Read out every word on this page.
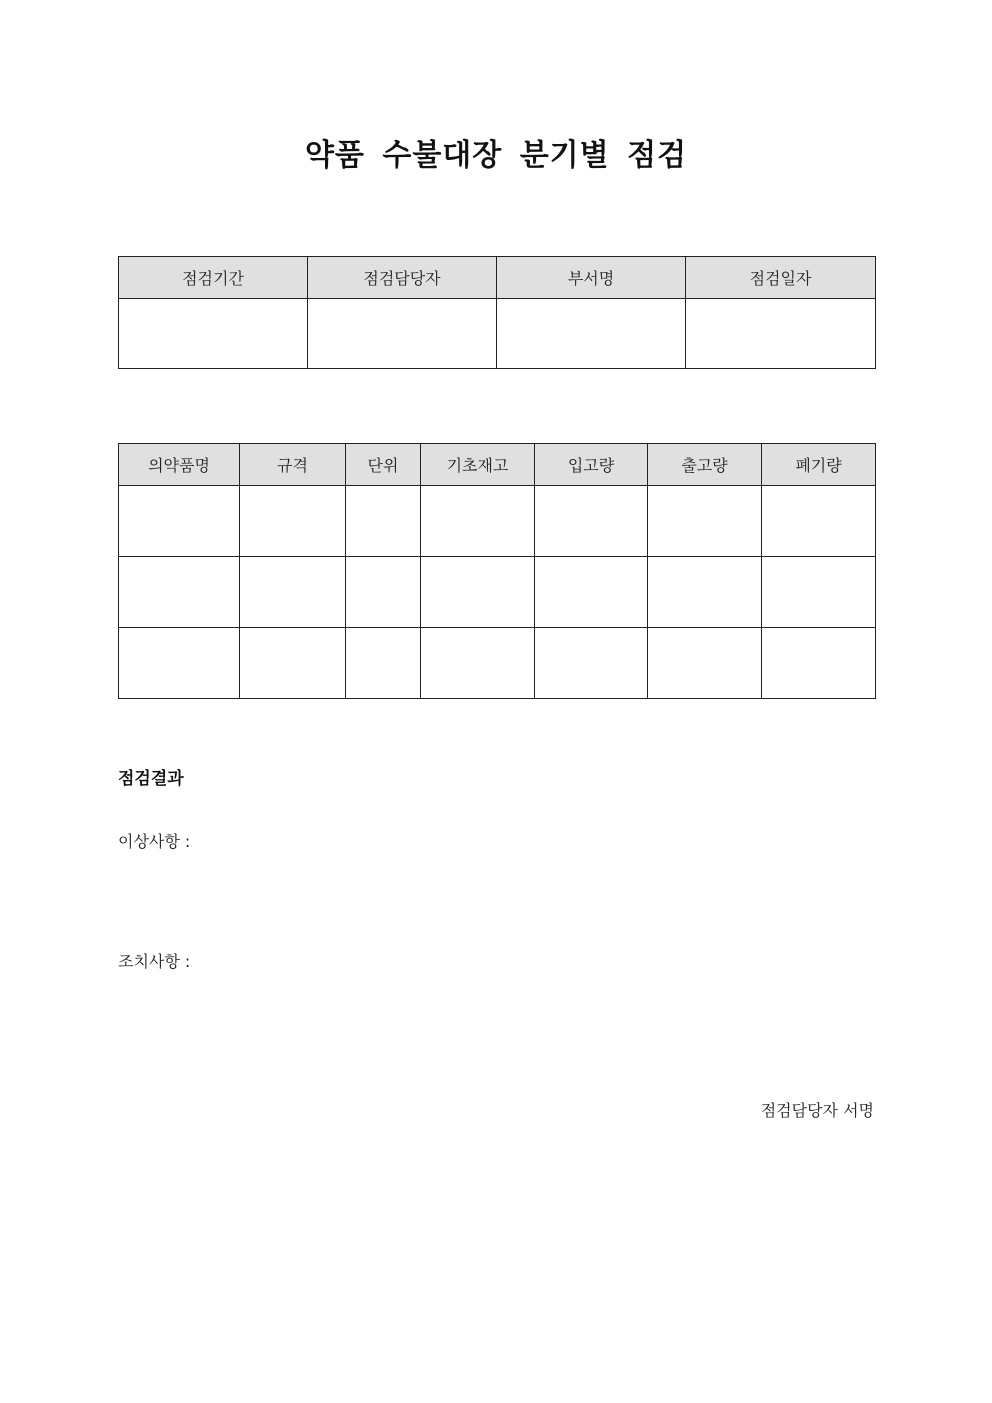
약품 수불대장 분기별 점검
점검기간	점검담당자	부서명	점검일자

의약품명	규격	단위	기초재고	입고량	출고량	폐기량

점검결과
이상사항 :
조치사항 :
점검담당자 서명
